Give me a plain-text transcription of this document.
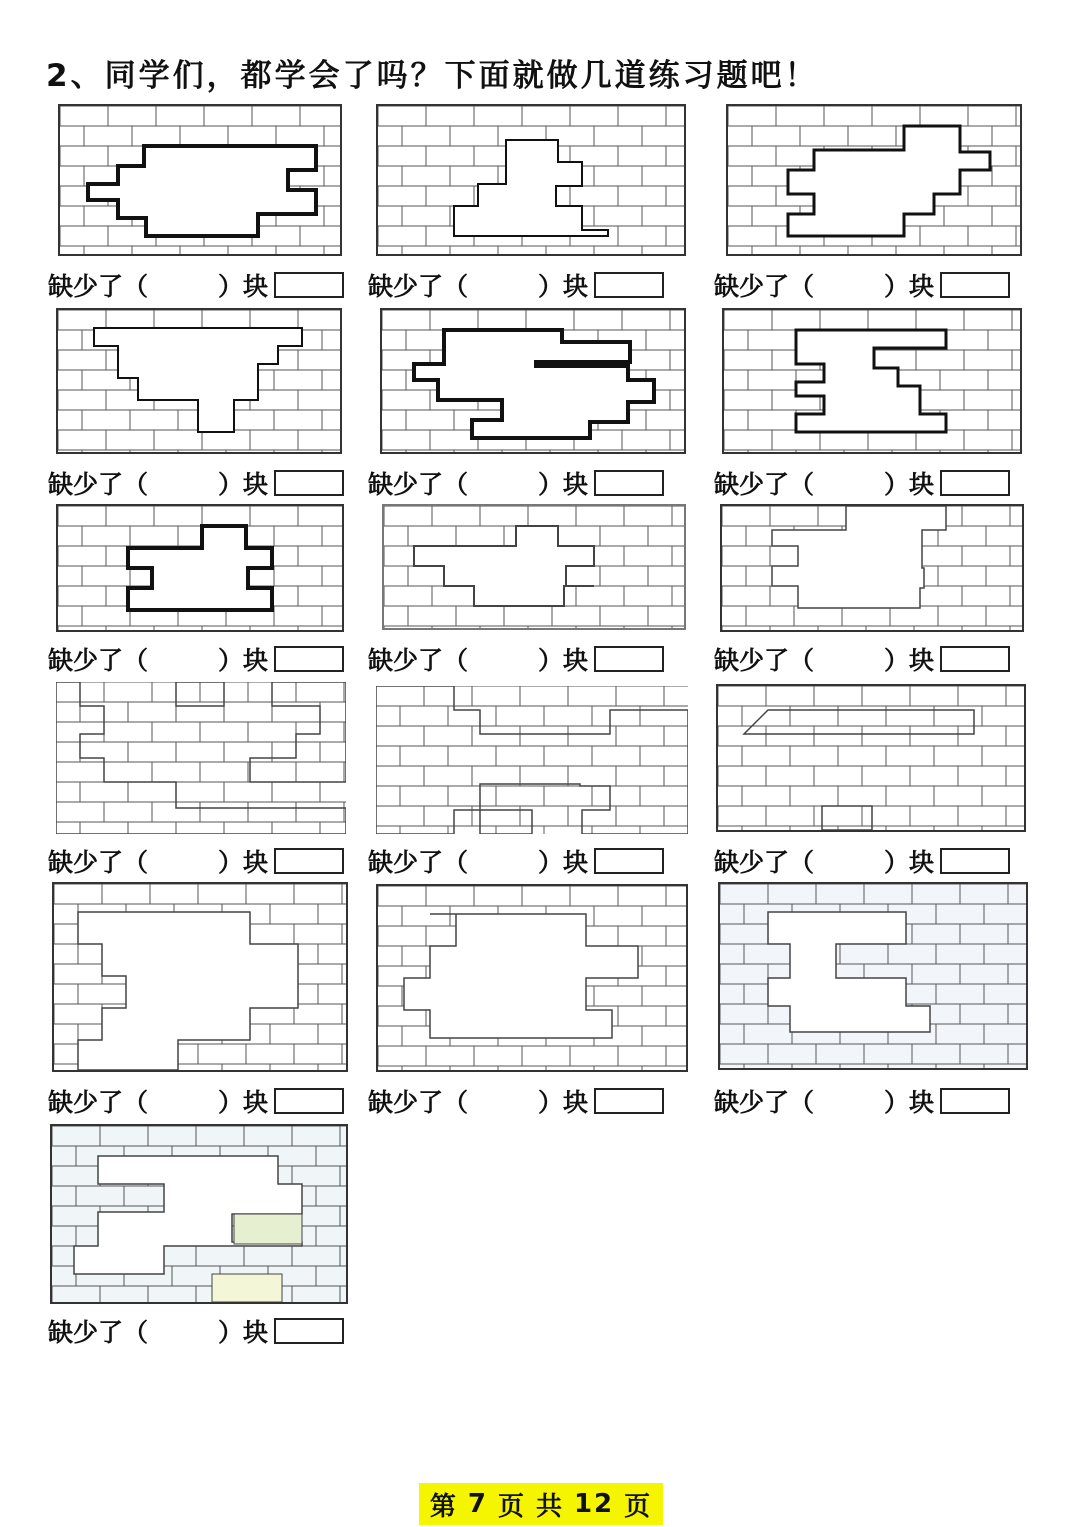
2、同学们，都学会了吗？下面就做几道练习题吧！
缺少了（	）块	缺少了（	）块	缺少了（	）块
缺少了（	）块	缺少了（	）块	缺少了（	）块
缺少了（	）块	缺少了（	）块	缺少了（	）块
缺少了（	）块	缺少了（	）块	缺少了（	）块
缺少了（	）块	缺少了（	）块	缺少了（	）块
缺少了（	）块
第 7 页 共 12 页
